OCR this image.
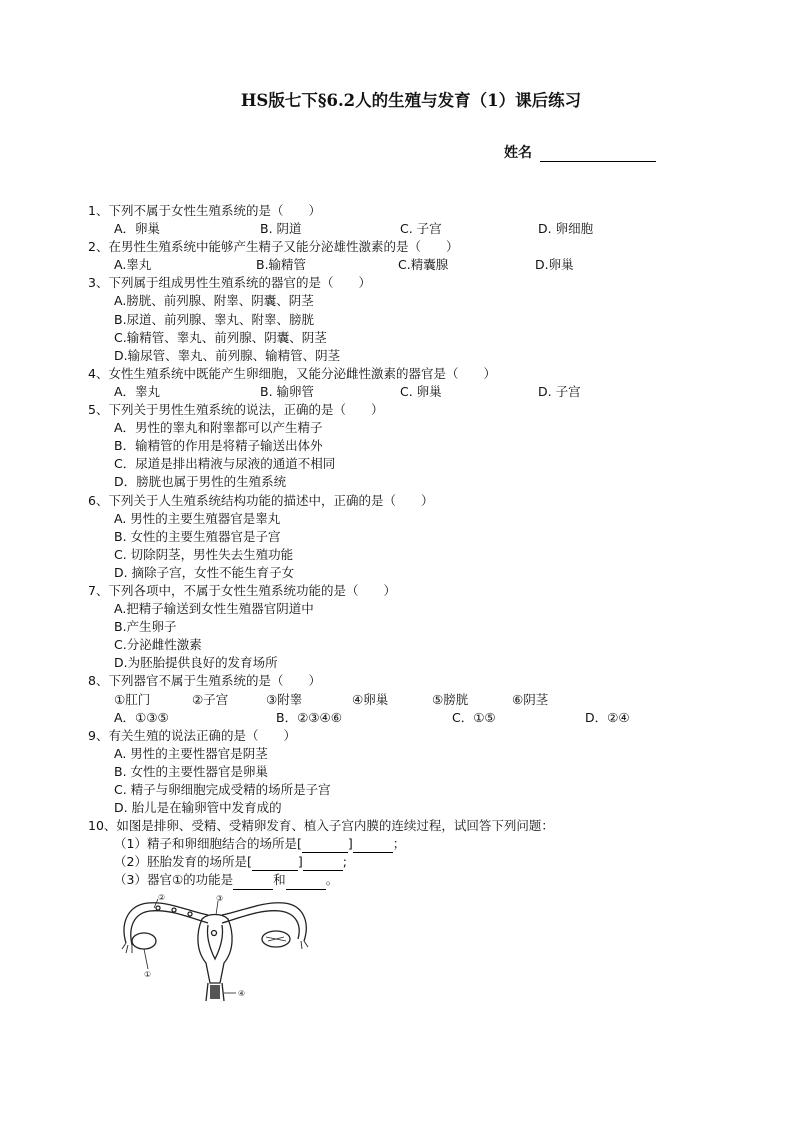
HS版七下§6.2人的生殖与发育（1）课后练习
姓名
1、下列不属于女性生殖系统的是（　　）
A．卵巢	B. 阴道	C. 子宫	D. 卵细胞
2、在男性生殖系统中能够产生精子又能分泌雄性激素的是（　　）
A.睾丸	B.输精管	C.精囊腺	D.卵巢
3、下列属于组成男性生殖系统的器官的是（　　）
A.膀胱、前列腺、附睾、阴囊、阴茎
B.尿道、前列腺、睾丸、附睾、膀胱
C.输精管、睾丸、前列腺、阴囊、阴茎
D.输尿管、睾丸、前列腺、输精管、阴茎
4、女性生殖系统中既能产生卵细胞，又能分泌雌性激素的器官是（　　）
A．睾丸	B. 输卵管	C. 卵巢	D. 子宫
5、下列关于男性生殖系统的说法，正确的是（　　）
A．男性的睾丸和附睾都可以产生精子
B．输精管的作用是将精子输送出体外
C．尿道是排出精液与尿液的通道不相同
D．膀胱也属于男性的生殖系统
6、下列关于人生殖系统结构功能的描述中，正确的是（　　）
A. 男性的主要生殖器官是睾丸
B. 女性的主要生殖器官是子宫
C. 切除阴茎，男性失去生殖功能
D. 摘除子宫，女性不能生育子女
7、下列各项中，不属于女性生殖系统功能的是（　　）
A.把精子输送到女性生殖器官阴道中
B.产生卵子
C.分泌雌性激素
D.为胚胎提供良好的发育场所
8、下列器官不属于生殖系统的是（　　）
①肛门	②子宫	③附睾	④卵巢	⑤膀胱	⑥阴茎
A．①③⑤	B．②③④⑥	C．①⑤	D．②④
9、有关生殖的说法正确的是（　　）
A. 男性的主要性器官是阴茎
B. 女性的主要性器官是卵巢
C. 精子与卵细胞完成受精的场所是子宫
D. 胎儿是在输卵管中发育成的
10、如图是排卵、受精、受精卵发育、植入子宫内膜的连续过程，试回答下列问题：
（1）精子和卵细胞结合的场所是[	]	；
（2）胚胎发育的场所是[	]	;
（3）器官①的功能是	和	。
②	③
①
④
